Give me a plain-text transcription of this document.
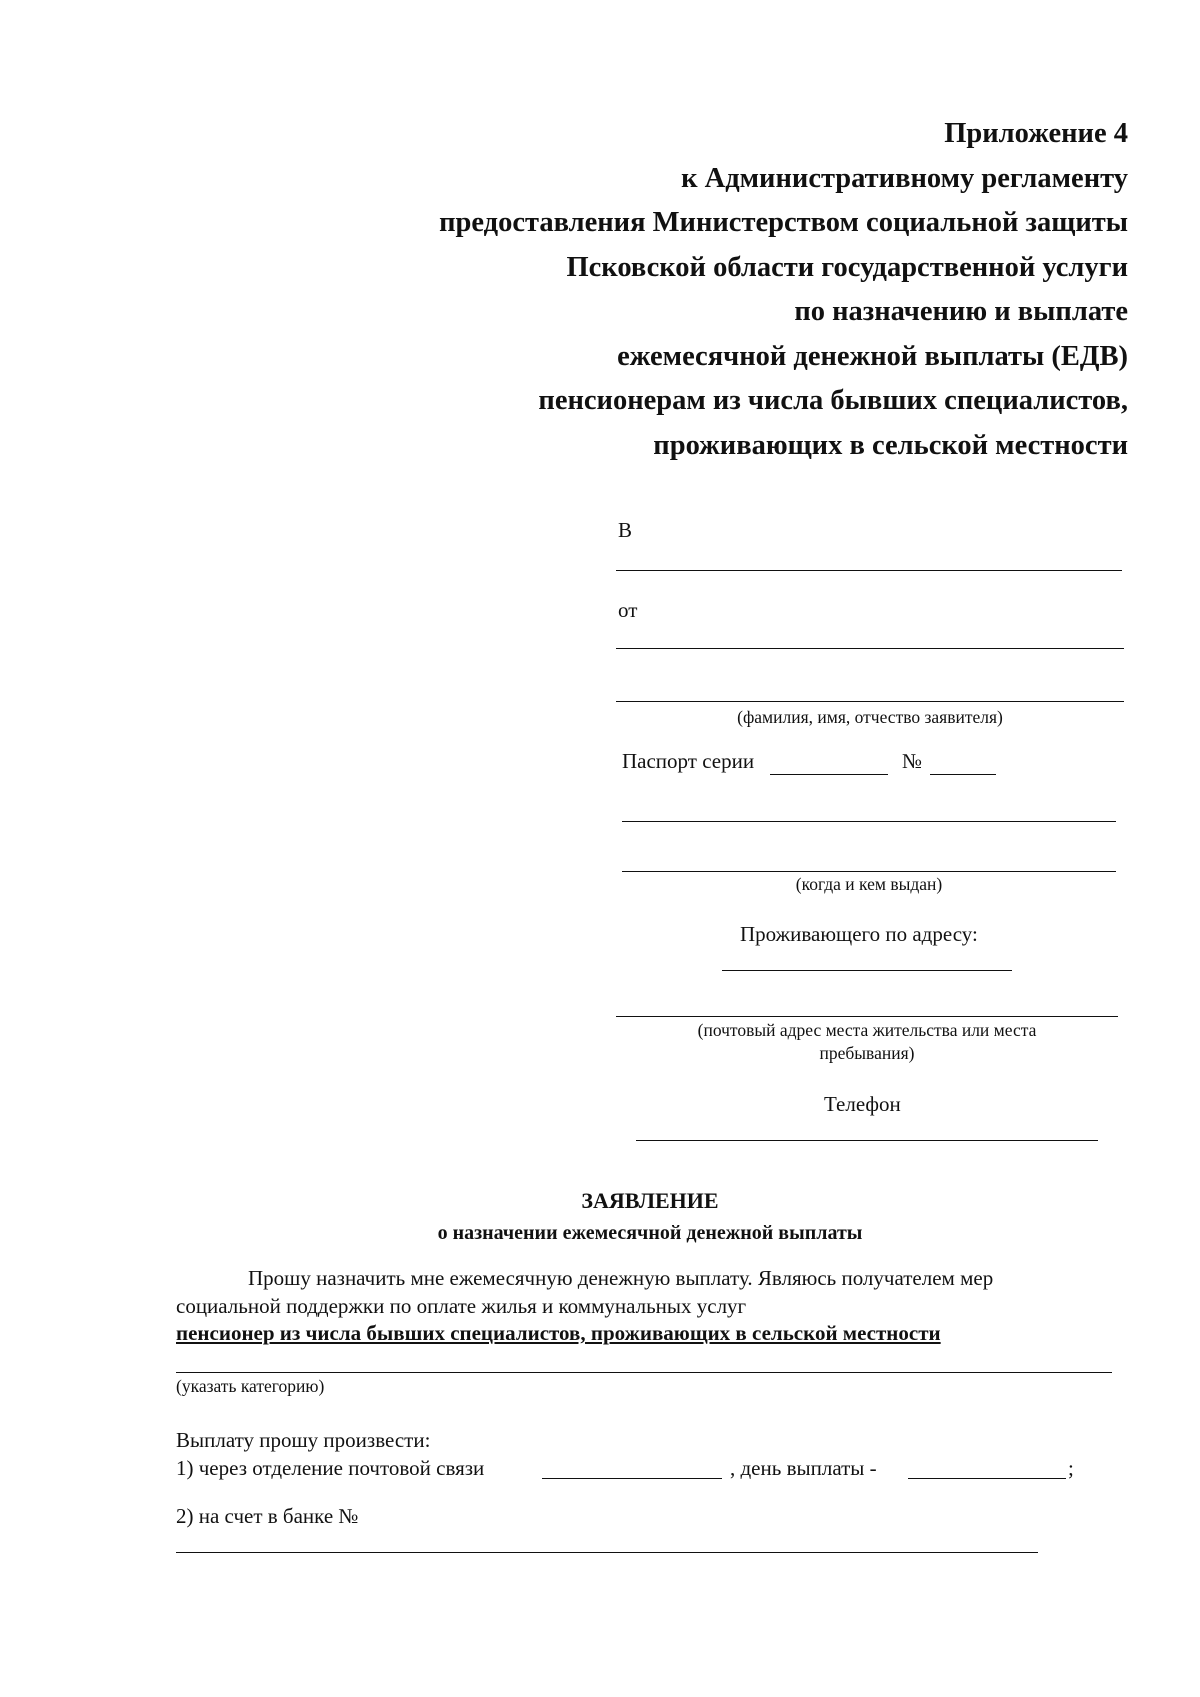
Приложение 4
к Административному регламенту
предоставления Министерством социальной защиты
Псковской области государственной услуги
по назначению и выплате
ежемесячной денежной выплаты (ЕДВ)
пенсионерам из числа бывших специалистов,
проживающих в сельской местности
В
от
(фамилия, имя, отчество заявителя)
Паспорт серии	№
(когда и кем выдан)
Проживающего по адресу:
(почтовый адрес места жительства или места
пребывания)
Телефон
ЗАЯВЛЕНИЕ
о назначении ежемесячной денежной выплаты
Прошу назначить мне ежемесячную денежную выплату. Являюсь получателем мер
социальной поддержки по оплате жилья и коммунальных услуг
пенсионер из числа бывших специалистов, проживающих в сельской местности
(указать категорию)
Выплату прошу произвести:
1) через отделение почтовой связи	, день выплаты -	;
2) на счет в банке №
